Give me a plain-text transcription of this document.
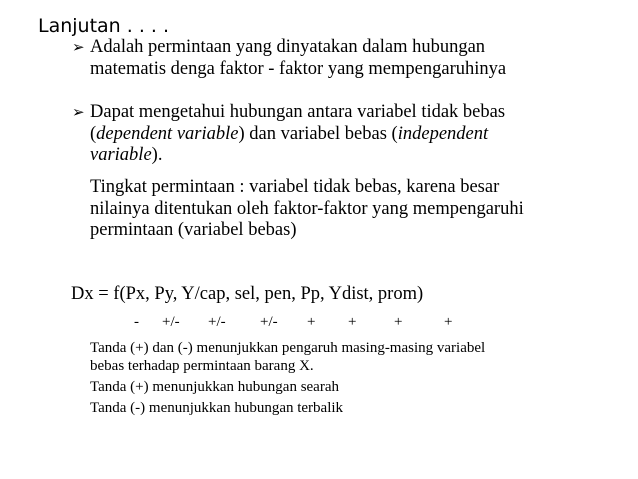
Lanjutan . . . .
➢ Adalah permintaan yang dinyatakan dalam hubungan
matematis denga faktor - faktor yang mempengaruhinya
➢ Dapat mengetahui hubungan antara variabel tidak bebas
(dependent variable) dan variabel bebas (independent
variable).
Tingkat permintaan : variabel tidak bebas, karena besar
nilainya ditentukan oleh faktor-faktor yang mempengaruhi
permintaan (variabel bebas)
Dx = f(Px, Py, Y/cap, sel, pen, Pp, Ydist, prom)
- +/- +/- +/- + +	+	+
Tanda (+) dan (-) menunjukkan pengaruh masing-masing variabel
bebas terhadap permintaan barang X.
Tanda (+) menunjukkan hubungan searah
Tanda (-) menunjukkan hubungan terbalik
